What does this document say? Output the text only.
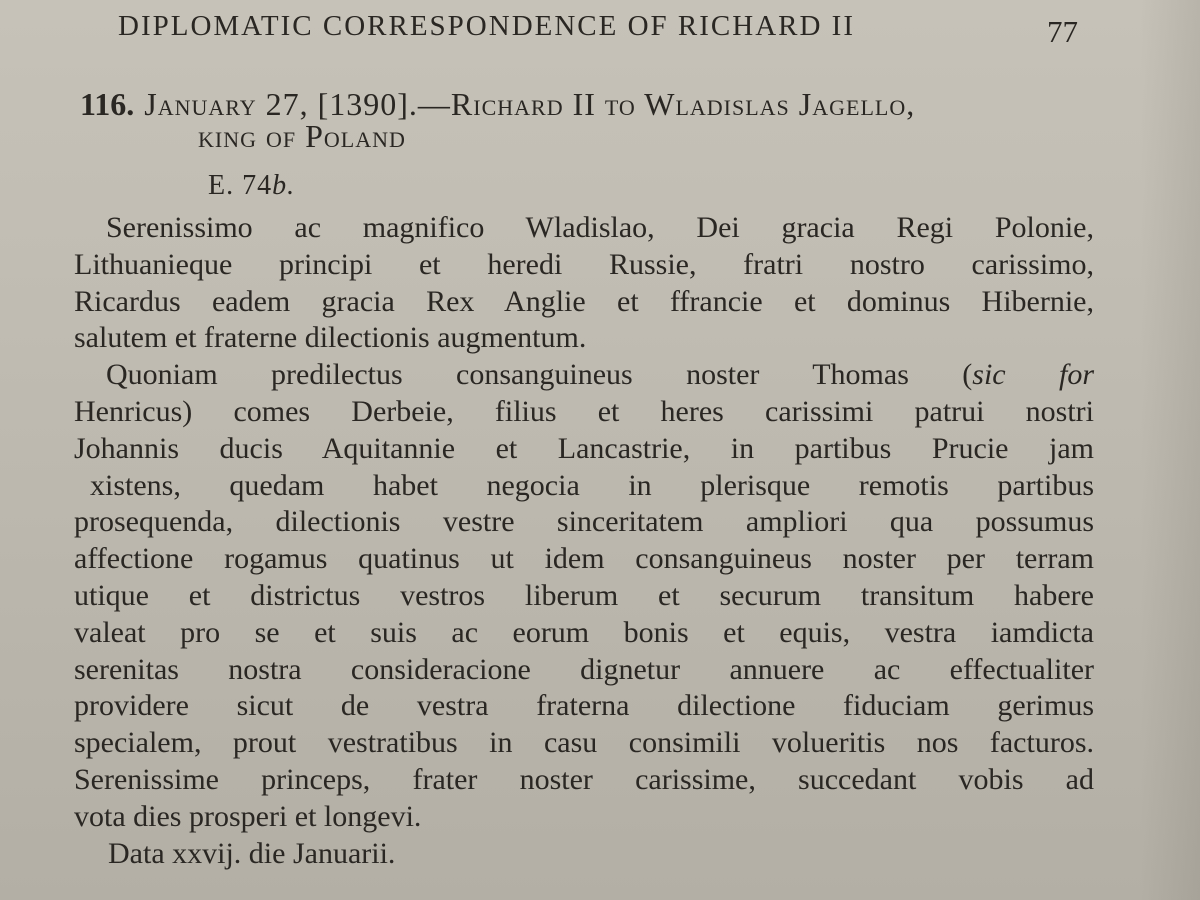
DIPLOMATIC CORRESPONDENCE OF RICHARD II	77
116. January 27, [1390].—Richard II to Wladislas Jagello,
king of Poland
E. 74b.
Serenissimo ac magnifico Wladislao, Dei gracia Regi Polonie,
Lithuanieque principi et heredi Russie, fratri nostro carissimo,
Ricardus eadem gracia Rex Anglie et ffrancie et dominus Hibernie,
salutem et fraterne dilectionis augmentum.
Quoniam predilectus consanguineus noster Thomas (sic for
Henricus) comes Derbeie, filius et heres carissimi patrui nostri
Johannis ducis Aquitannie et Lancastrie, in partibus Prucie jam
xistens, quedam habet negocia in plerisque remotis partibus
prosequenda, dilectionis vestre sinceritatem ampliori qua possumus
affectione rogamus quatinus ut idem consanguineus noster per terram
utique et districtus vestros liberum et securum transitum habere
valeat pro se et suis ac eorum bonis et equis, vestra iamdicta
serenitas nostra consideracione dignetur annuere ac effectualiter
providere sicut de vestra fraterna dilectione fiduciam gerimus
specialem, prout vestratibus in casu consimili volueritis nos facturos.
Serenissime princeps, frater noster carissime, succedant vobis ad
vota dies prosperi et longevi.
Data xxvij. die Januarii.
